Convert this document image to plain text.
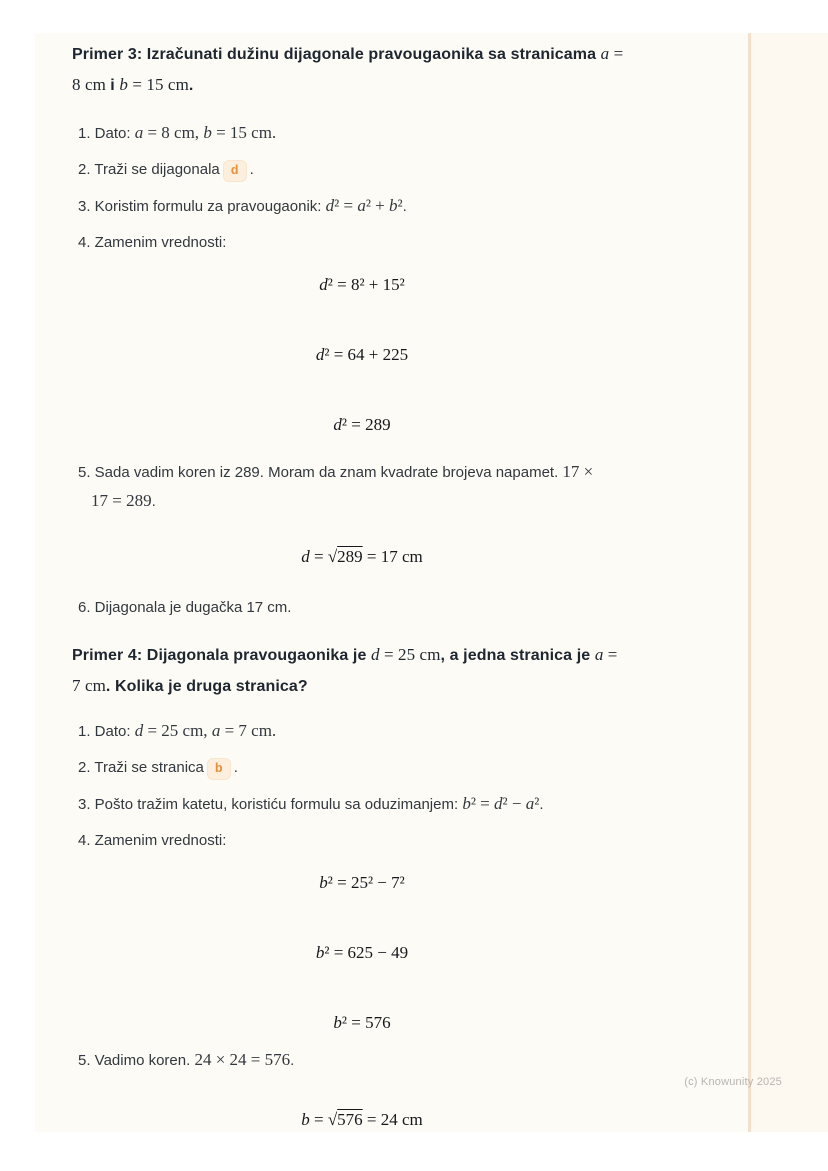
Primer 3: Izračunati dužinu dijagonale pravougaonika sa stranicama a =
8 cm i b = 15 cm.
1. Dato: a = 8 cm, b = 15 cm.
2. Traži se dijagonala d .
3. Koristim formulu za pravougaonik: d² = a² + b².
4. Zamenim vrednosti:
d² = 8² + 15²
d² = 64 + 225
d² = 289
5. Sada vadim koren iz 289. Moram da znam kvadrate brojeva napamet. 17 ×
17 = 289.
d = √289 = 17 cm
6. Dijagonala je dugačka 17 cm.
Primer 4: Dijagonala pravougaonika je d = 25 cm, a jedna stranica je a =
7 cm. Kolika je druga stranica?
1. Dato: d = 25 cm, a = 7 cm.
2. Traži se stranica b .
3. Pošto tražim katetu, koristiću formulu sa oduzimanjem: b² = d² − a².
4. Zamenim vrednosti:
b² = 25² − 7²
b² = 625 − 49
b² = 576
5. Vadimo koren. 24 × 24 = 576.
b = √576 = 24 cm
(c) Knowunity 2025
